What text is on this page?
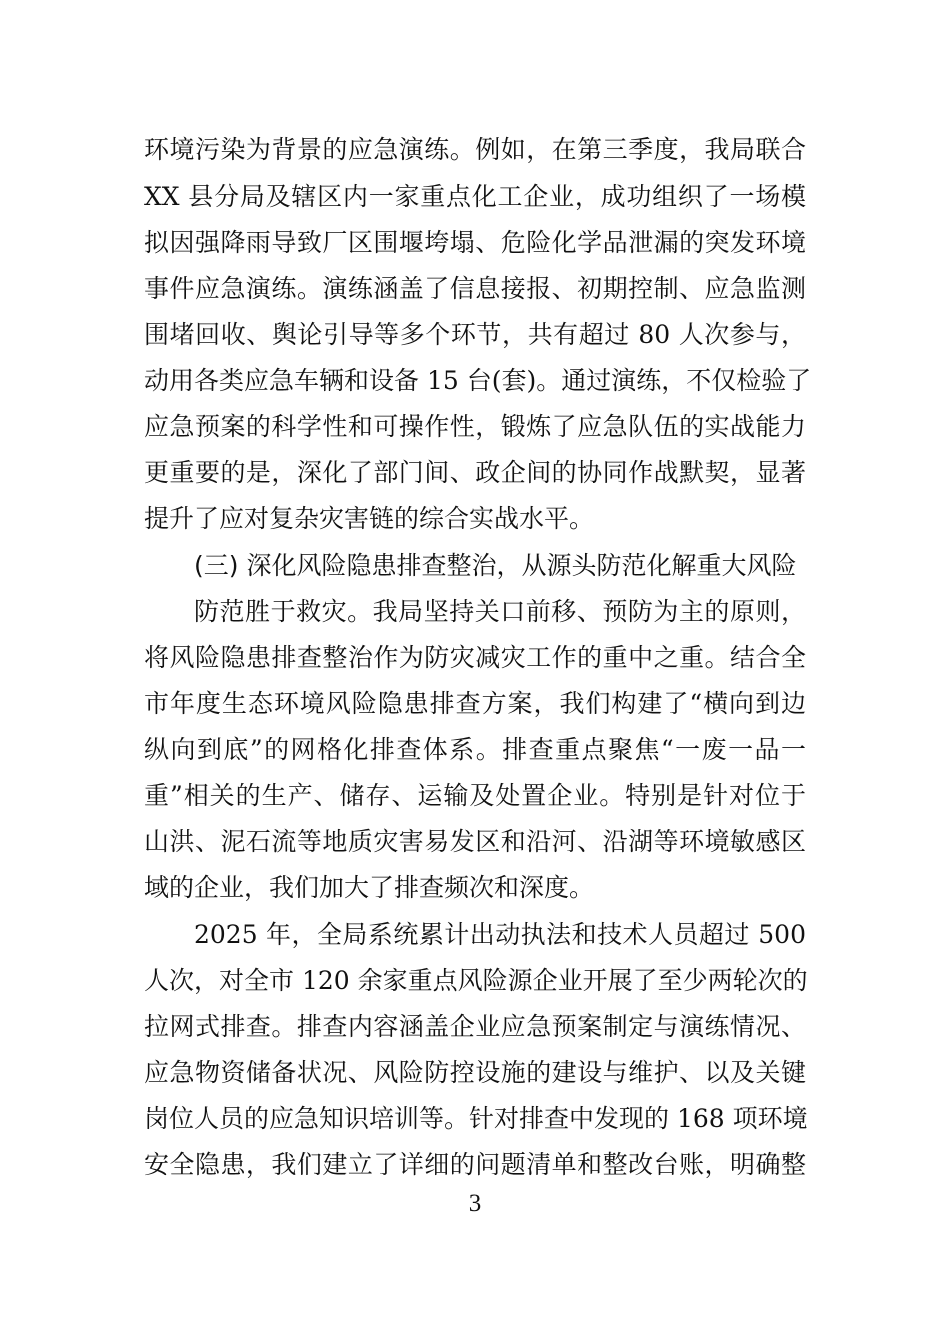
环境污染为背景的应急演练。例如，在第三季度，我局联合
XX 县分局及辖区内一家重点化工企业，成功组织了一场模
拟因强降雨导致厂区围堰垮塌、危险化学品泄漏的突发环境
事件应急演练。演练涵盖了信息接报、初期控制、应急监测
围堵回收、舆论引导等多个环节，共有超过 80 人次参与，
动用各类应急车辆和设备 15 台(套)。通过演练，不仅检验了
应急预案的科学性和可操作性，锻炼了应急队伍的实战能力
更重要的是，深化了部门间、政企间的协同作战默契，显著
提升了应对复杂灾害链的综合实战水平。
(三) 深化风险隐患排查整治，从源头防范化解重大风险
防范胜于救灾。我局坚持关口前移、预防为主的原则，
将风险隐患排查整治作为防灾减灾工作的重中之重。结合全
市年度生态环境风险隐患排查方案，我们构建了“横向到边
纵向到底”的网格化排查体系。排查重点聚焦“一废一品一
重”相关的生产、储存、运输及处置企业。特别是针对位于
山洪、泥石流等地质灾害易发区和沿河、沿湖等环境敏感区
域的企业，我们加大了排查频次和深度。
2025 年，全局系统累计出动执法和技术人员超过 500
人次，对全市 120 余家重点风险源企业开展了至少两轮次的
拉网式排查。排查内容涵盖企业应急预案制定与演练情况、
应急物资储备状况、风险防控设施的建设与维护、以及关键
岗位人员的应急知识培训等。针对排查中发现的 168 项环境
安全隐患，我们建立了详细的问题清单和整改台账，明确整
3
